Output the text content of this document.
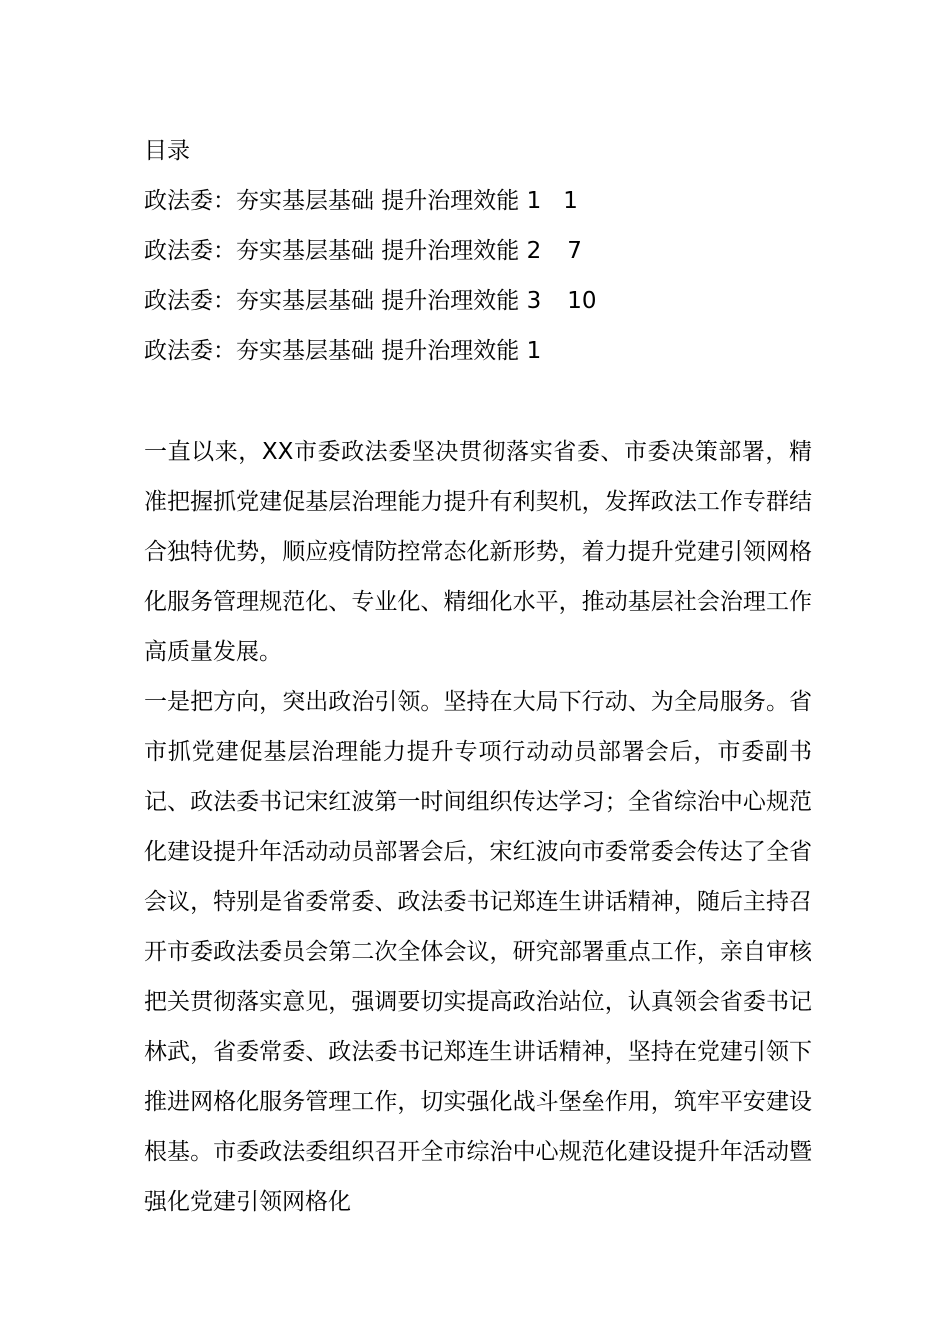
目录
政法委：夯实基层基础 提升治理效能 1 1
政法委：夯实基层基础 提升治理效能 2 7
政法委：夯实基层基础 提升治理效能 3 10
政法委：夯实基层基础 提升治理效能 1

一直以来，XX市委政法委坚决贯彻落实省委、市委决策部署，精准把握抓党建促基层治理能力提升有利契机，发挥政法工作专群结合独特优势，顺应疫情防控常态化新形势，着力提升党建引领网格化服务管理规范化、专业化、精细化水平，推动基层社会治理工作高质量发展。

一是把方向，突出政治引领。坚持在大局下行动、为全局服务。省市抓党建促基层治理能力提升专项行动动员部署会后，市委副书记、政法委书记宋红波第一时间组织传达学习；全省综治中心规范化建设提升年活动动员部署会后，宋红波向市委常委会传达了全省会议，特别是省委常委、政法委书记郑连生讲话精神，随后主持召开市委政法委员会第二次全体会议，研究部署重点工作，亲自审核把关贯彻落实意见，强调要切实提高政治站位，认真领会省委书记林武，省委常委、政法委书记郑连生讲话精神，坚持在党建引领下推进网格化服务管理工作，切实强化战斗堡垒作用，筑牢平安建设根基。市委政法委组织召开全市综治中心规范化建设提升年活动暨强化党建引领网格化
